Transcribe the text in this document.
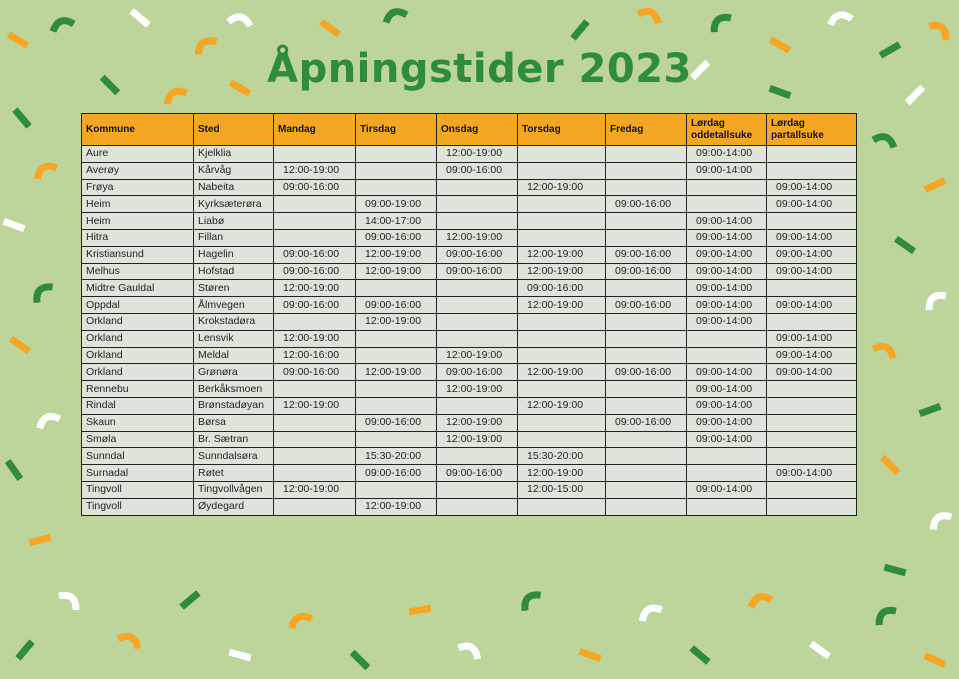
Åpningstider 2023
Kommune	Sted	Mandag	Tirsdag	Onsdag	Torsdag	Fredag	Lørdag oddetallsuke	Lørdag partallsuke
Aure	Kjelklia			12:00-19:00			09:00-14:00	
Averøy	Kårvåg	12:00-19:00		09:00-16:00			09:00-14:00	
Frøya	Nabeita	09:00-16:00			12:00-19:00			09:00-14:00
Heim	Kyrksæterøra		09:00-19:00			09:00-16:00		09:00-14:00
Heim	Liabø		14:00-17:00				09:00-14:00	
Hitra	Fillan		09:00-16:00	12:00-19:00			09:00-14:00	09:00-14:00
Kristiansund	Hagelin	09:00-16:00	12:00-19:00	09:00-16:00	12:00-19:00	09:00-16:00	09:00-14:00	09:00-14:00
Melhus	Hofstad	09:00-16:00	12:00-19:00	09:00-16:00	12:00-19:00	09:00-16:00	09:00-14:00	09:00-14:00
Midtre Gauldal	Støren	12:00-19:00			09:00-16:00		09:00-14:00	
Oppdal	Ålmvegen	09:00-16:00	09:00-16:00		12:00-19:00	09:00-16:00	09:00-14:00	09:00-14:00
Orkland	Krokstadøra		12:00-19:00				09:00-14:00	
Orkland	Lensvik	12:00-19:00						09:00-14:00
Orkland	Meldal	12:00-16:00		12:00-19:00				09:00-14:00
Orkland	Grønøra	09:00-16:00	12:00-19:00	09:00-16:00	12:00-19:00	09:00-16:00	09:00-14:00	09:00-14:00
Rennebu	Berkåksmoen			12:00-19:00			09:00-14:00	
Rindal	Brønstadøyan	12:00-19:00			12:00-19:00		09:00-14:00	
Skaun	Børsa		09:00-16:00	12:00-19:00		09:00-16:00	09:00-14:00	
Smøla	Br. Sætran			12:00-19:00			09:00-14:00	
Sunndal	Sunndalsøra		15:30-20:00		15:30-20:00			
Surnadal	Røtet		09:00-16:00	09:00-16:00	12:00-19:00			09:00-14:00
Tingvoll	Tingvollvågen	12:00-19:00			12:00-15:00		09:00-14:00	
Tingvoll	Øydegard		12:00-19:00					
